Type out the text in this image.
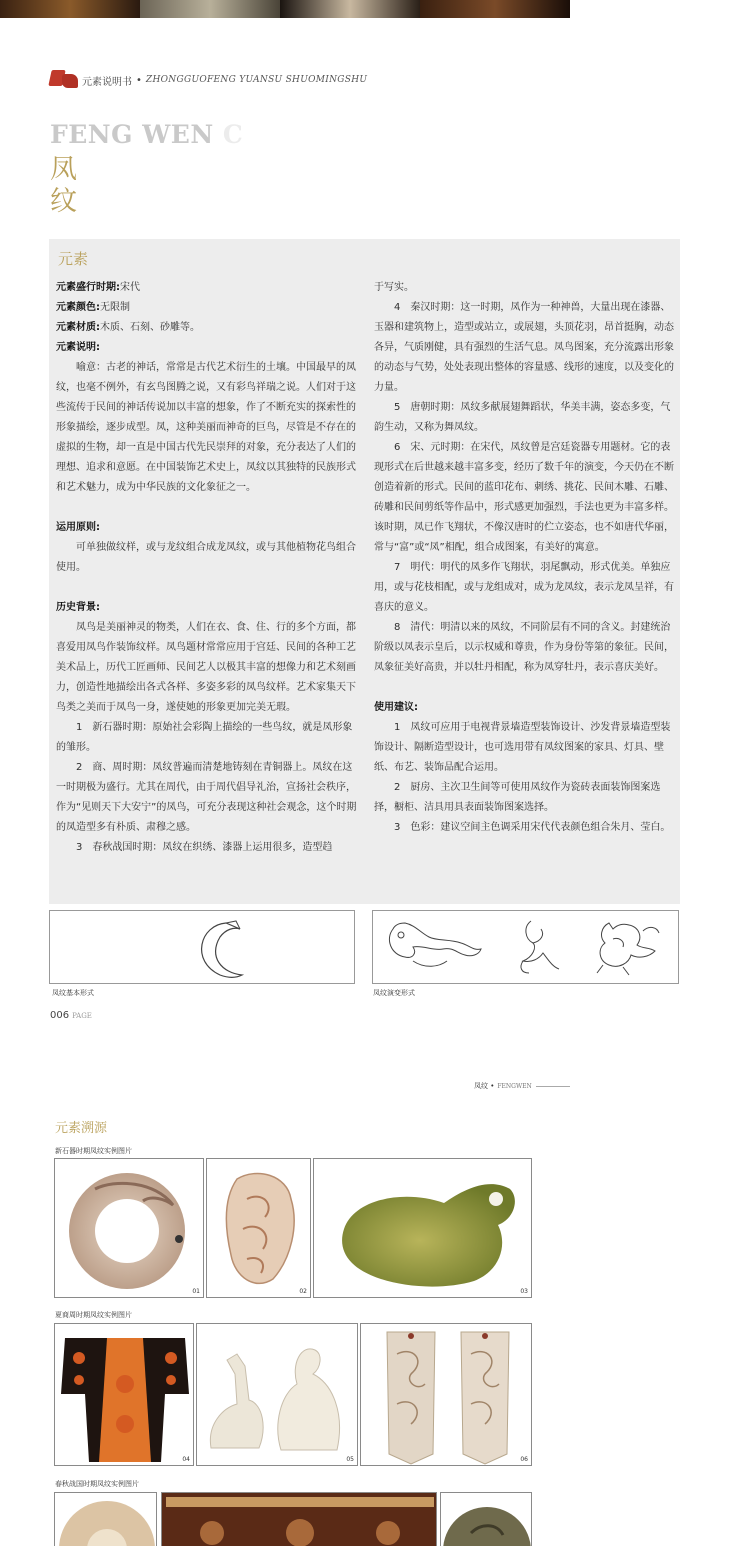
元素说明书 • ZHONGGUOFENG YUANSU SHUOMINGSHU
FENG WEN C
凤
纹
元素

元素盛行时期:宋代

元素颜色:无限制

元素材质:木质、石刻、砂雕等。

元素说明:

喻意：古老的神话，常常是古代艺术衍生的土壤。中国最早的凤纹，也毫不例外，有玄鸟图腾之说，又有彩鸟祥瑞之说。人们对于这些流传于民间的神话传说加以丰富的想象，作了不断充实的探索性的形象描绘，逐步成型。凤，这种美丽而神奇的巨鸟，尽管是不存在的虚拟的生物，却一直是中国古代先民崇拜的对象，充分表达了人们的理想、追求和意愿。在中国装饰艺术史上，凤纹以其独特的民族形式和艺术魅力，成为中华民族的文化象征之一。

运用原则:

可单独做纹样，或与龙纹组合成龙凤纹，或与其他植物花鸟组合使用。

历史背景:

凤鸟是美丽神灵的物类，人们在衣、食、住、行的多个方面，都喜爱用凤鸟作装饰纹样。凤鸟题材常常应用于宫廷、民间的各种工艺美术品上，历代工匠画师、民间艺人以极其丰富的想像力和艺术刻画力，创造性地描绘出各式各样、多姿多彩的凤鸟纹样。艺术家集天下鸟类之美而于凤鸟一身，遂使她的形象更加完美无瑕。

1　新石器时期：原始社会彩陶上描绘的一些鸟纹，就是凤形象的雏形。

2　商、周时期：凤纹普遍而清楚地铸刻在青铜器上。凤纹在这一时期极为盛行。尤其在周代，由于周代倡导礼治，宣扬社会秩序，作为“见则天下大安宁”的凤鸟，可充分表现这种社会观念，这个时期的凤造型多有朴质、肃穆之感。

3　春秋战国时期：凤纹在织绣、漆器上运用很多，造型趋

于写实。

4　秦汉时期：这一时期，凤作为一种神兽，大量出现在漆器、玉器和建筑物上，造型或站立，或展翅，头顶花羽，昂首挺胸，动态各异，气质刚健，具有强烈的生活气息。凤鸟图案，充分流露出形象的动态与气势，处处表现出整体的容量感、线形的速度，以及变化的力量。

5　唐朝时期：凤纹多献展翅舞蹈状，华美丰满，姿态多变，气韵生动，又称为舞凤纹。

6　宋、元时期：在宋代，凤纹曾是宫廷瓷器专用题材。它的表现形式在后世越来越丰富多变，经历了数千年的演变，今天仍在不断创造着新的形式。民间的蓝印花布、刺绣、挑花、民间木雕、石雕、砖雕和民间剪纸等作品中，形式感更加强烈，手法也更为丰富多样。该时期，凤已作飞翔状，不像汉唐时的伫立姿态，也不如唐代华丽，常与“富”或“凤”相配，组合成图案，有美好的寓意。

7　明代：明代的凤多作飞翔状，羽尾飘动，形式优美。单独应用，或与花枝相配，或与龙组成对，成为龙凤纹，表示龙凤呈祥，有喜庆的意义。

8　清代：明清以来的凤纹，不同阶层有不同的含义。封建统治阶级以凤表示皇后，以示权威和尊贵，作为身份等第的象征。民间，凤象征美好高贵，并以牡丹相配，称为凤穿牡丹，表示喜庆美好。

使用建议:

1　凤纹可应用于电视背景墙造型装饰设计、沙发背景墙造型装饰设计、隔断造型设计，也可选用带有凤纹图案的家具、灯具、壁纸、布艺、装饰品配合运用。

2　厨房、主次卫生间等可使用凤纹作为瓷砖表面装饰图案选择，橱柜、洁具用具表面装饰图案选择。

3　色彩：建议空间主色调采用宋代代表颜色组合朱月、莹白。

凤纹基本形式	凤纹演变形式
006 PAGE
凤纹 • FENGWEN
元素溯源
新石器时期凤纹实例图片
01	02	03
夏商周时期凤纹实例图片
04	05	06
春秋战国时期凤纹实例图片
